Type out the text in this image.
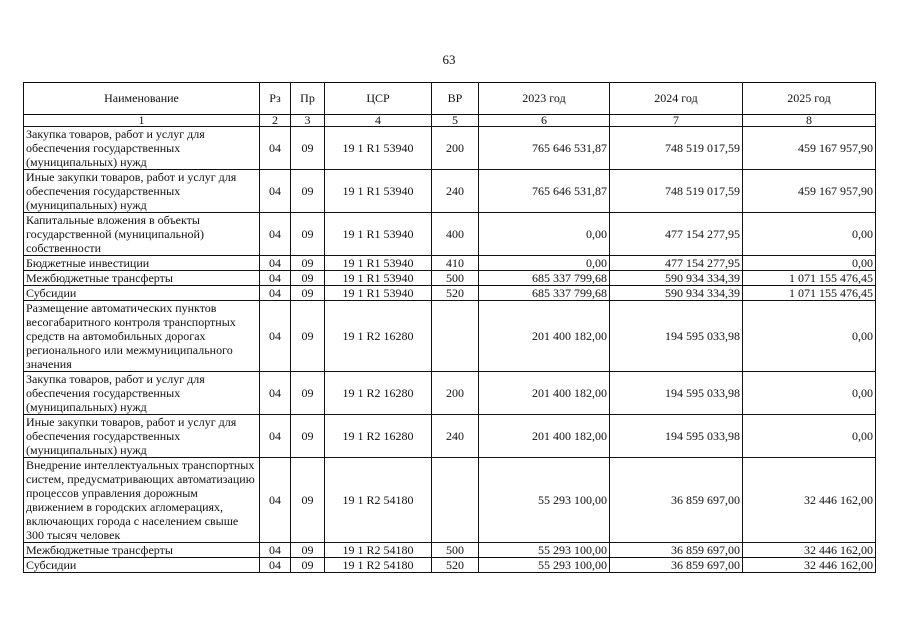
63
Наименование	Рз	Пр	ЦСР	ВР	2023 год	2024 год	2025 год
1	2	3	4	5	6	7	8
Закупка товаров, работ и услуг для обеспечения государственных (муниципальных) нужд	04	09	19 1 R1 53940	200	765 646 531,87	748 519 017,59	459 167 957,90
Иные закупки товаров, работ и услуг для обеспечения государственных (муниципальных) нужд	04	09	19 1 R1 53940	240	765 646 531,87	748 519 017,59	459 167 957,90
Капитальные вложения в объекты государственной (муниципальной) собственности	04	09	19 1 R1 53940	400	0,00	477 154 277,95	0,00
Бюджетные инвестиции	04	09	19 1 R1 53940	410	0,00	477 154 277,95	0,00
Межбюджетные трансферты	04	09	19 1 R1 53940	500	685 337 799,68	590 934 334,39	1 071 155 476,45
Субсидии	04	09	19 1 R1 53940	520	685 337 799,68	590 934 334,39	1 071 155 476,45
Размещение автоматических пунктов весогабаритного контроля транспортных средств на автомобильных дорогах регионального или межмуниципального значения	04	09	19 1 R2 16280		201 400 182,00	194 595 033,98	0,00
Закупка товаров, работ и услуг для обеспечения государственных (муниципальных) нужд	04	09	19 1 R2 16280	200	201 400 182,00	194 595 033,98	0,00
Иные закупки товаров, работ и услуг для обеспечения государственных (муниципальных) нужд	04	09	19 1 R2 16280	240	201 400 182,00	194 595 033,98	0,00
Внедрение интеллектуальных транспортных систем, предусматривающих автоматизацию процессов управления дорожным движением в городских агломерациях, включающих города с населением свыше 300 тысяч человек	04	09	19 1 R2 54180		55 293 100,00	36 859 697,00	32 446 162,00
Межбюджетные трансферты	04	09	19 1 R2 54180	500	55 293 100,00	36 859 697,00	32 446 162,00
Субсидии	04	09	19 1 R2 54180	520	55 293 100,00	36 859 697,00	32 446 162,00
